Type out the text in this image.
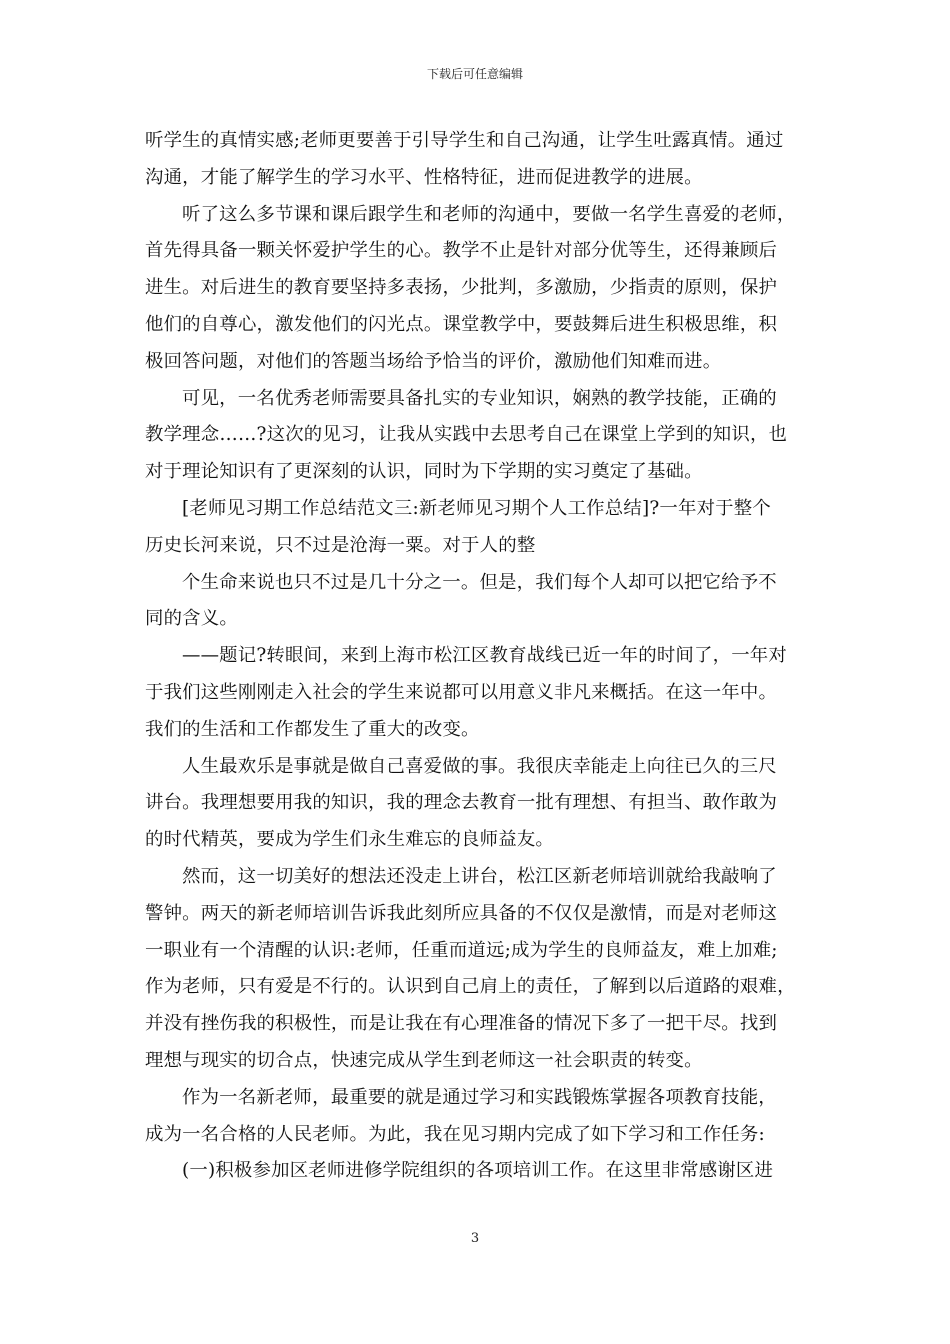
下载后可任意编辑
听学生的真情实感;老师更要善于引导学生和自己沟通，让学生吐露真情。通过
沟通，才能了解学生的学习水平、性格特征，进而促进教学的进展。
听了这么多节课和课后跟学生和老师的沟通中，要做一名学生喜爱的老师，
首先得具备一颗关怀爱护学生的心。教学不止是针对部分优等生，还得兼顾后
进生。对后进生的教育要坚持多表扬，少批判，多激励，少指责的原则，保护
他们的自尊心，激发他们的闪光点。课堂教学中，要鼓舞后进生积极思维，积
极回答问题，对他们的答题当场给予恰当的评价，激励他们知难而进。
可见，一名优秀老师需要具备扎实的专业知识，娴熟的教学技能，正确的
教学理念……?这次的见习，让我从实践中去思考自己在课堂上学到的知识，也
对于理论知识有了更深刻的认识，同时为下学期的实习奠定了基础。
[老师见习期工作总结范文三:新老师见习期个人工作总结]?一年对于整个
历史长河来说，只不过是沧海一粟。对于人的整
个生命来说也只不过是几十分之一。但是，我们每个人却可以把它给予不
同的含义。
——题记?转眼间，来到上海市松江区教育战线已近一年的时间了，一年对
于我们这些刚刚走入社会的学生来说都可以用意义非凡来概括。在这一年中。
我们的生活和工作都发生了重大的改变。
人生最欢乐是事就是做自己喜爱做的事。我很庆幸能走上向往已久的三尺
讲台。我理想要用我的知识，我的理念去教育一批有理想、有担当、敢作敢为
的时代精英，要成为学生们永生难忘的良师益友。
然而，这一切美好的想法还没走上讲台，松江区新老师培训就给我敲响了
警钟。两天的新老师培训告诉我此刻所应具备的不仅仅是激情，而是对老师这
一职业有一个清醒的认识:老师，任重而道远;成为学生的良师益友，难上加难;
作为老师，只有爱是不行的。认识到自己肩上的责任，了解到以后道路的艰难，
并没有挫伤我的积极性，而是让我在有心理准备的情况下多了一把干尽。找到
理想与现实的切合点，快速完成从学生到老师这一社会职责的转变。
作为一名新老师，最重要的就是通过学习和实践锻炼掌握各项教育技能，
成为一名合格的人民老师。为此，我在见习期内完成了如下学习和工作任务:
(一)积极参加区老师进修学院组织的各项培训工作。在这里非常感谢区进
3
